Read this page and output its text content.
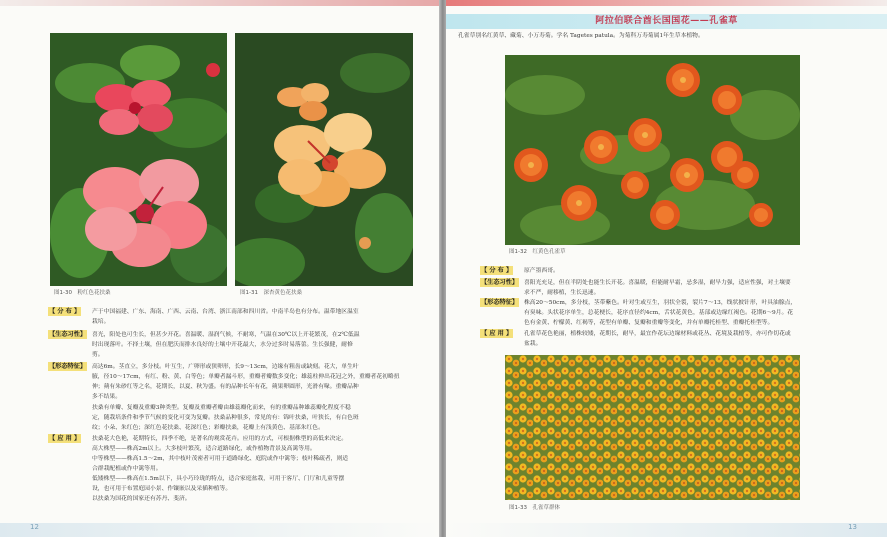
图1-30　粉红色花扶桑	图1-31　深杏黄色花扶桑
【 分 布 】 产于中国福建、广东、海南、广西、云南、台湾、浙江南部和四川省。中南半岛也有分布。温带地区温室
栽培。
【生态习性】 喜光，阳处也可生长，但甚少开花。喜温暖、湿润气候，不耐寒，气温在30℃以上开花繁茂，在2℃低温
时出现落叶。不择土壤，但在肥沃而排水良好的土壤中开花最大，水分过多时易落蕾。生长强健，耐修
剪。
【形态特征】 高达6m。茎直立，多分枝。叶互生，广卵形或狭卵形，长9～13cm，边缘有粗齿或缺刻。花大，单生叶
腋，径10～17cm，有红、粉、黄、白等色；单瓣者漏斗形，重瓣者瓣数多变化；雄蕊柱伸出花冠之外，重瓣者花初略扭
伸；蒴有朱砂红等之名，花期长，以夏、秋为盛。有的品种长年有花，蒴果卵圆形，光滑有喙。重瓣品种
多不结果。
扶桑有单瓣、复瓣及重瓣3种类型。复瓣及重瓣者瓣由雄蕊瓣化而来，有的重瓣品种雄蕊瓣化程度不稳
定，随栽培条件和季节气候的变化可变为复瓣。扶桑品种很多，常见的有：锦叶扶桑，叶狭长，有白色斑
纹；小朵、朱红色；深红色花扶桑、花深红色；彩瓣扶桑，花瓣上有浅黄色、基部朱红色。
【 应 用 】 扶桑花大色艳，花期特长，四季不绝，是著名的观赏花卉。应用的方式，可根据株型的高低来决定。
高大株型——株高2m以上。大多枝叶繁茂，适合道路绿化，或作植物背景及高篱等用。
中等株型——株高1.5～2m，其中枝叶茂密者可用于道路绿化、庭院或作中篱等；枝叶稀疏者，则适
合群栽配植或作中篱等用。
低矮株型——株高在1.5m以下，具小巧玲珑的特点，适合家庭盆栽，可用于客厅、门厅和儿童等摆
设，也可用于布置庭园小景、作镶嵌以及采插种植等。
以扶桑为国花的国家还有苏丹、斐济。
12
阿拉伯联合酋长国国花——孔雀草
孔雀草别名红黄草、藏菊、小万寿菊。学名 Tagetes patula。为菊科万寿菊属1年生草本植物。
图1-32　红黄色孔雀草
【 分 布 】 原产墨西哥。
【生态习性】 喜阳光充足，但在半阴处也能生长开花。喜温暖，但能耐早霜，忌多湿，耐旱力强，适应性强，对土壤要
求不严，耐移植，生长迅速。
【形态特征】 株高20～50cm，多分枝，茎带紫色。叶对生或互生，羽状全裂，裂片7～13，线状披针形，叶具油腺点，
有臭味。头状花序单生，总花梗长，花序直径约4cm，舌状花黄色，基部或边缘红褐色。花期6～9月。花
色有金黄、柠檬黄、红褐等，花型有单瓣、复瓣和重瓣等变化，并有单瓣托桂型、重瓣托桂型等。
【 应 用 】 孔雀草花色艳丽，植株较矮，花期长，耐旱，最宜作花坛边缘材料或花丛、花境及栽植等，亦可作切花或
盆栽。
图1-33　孔雀草群体
13
